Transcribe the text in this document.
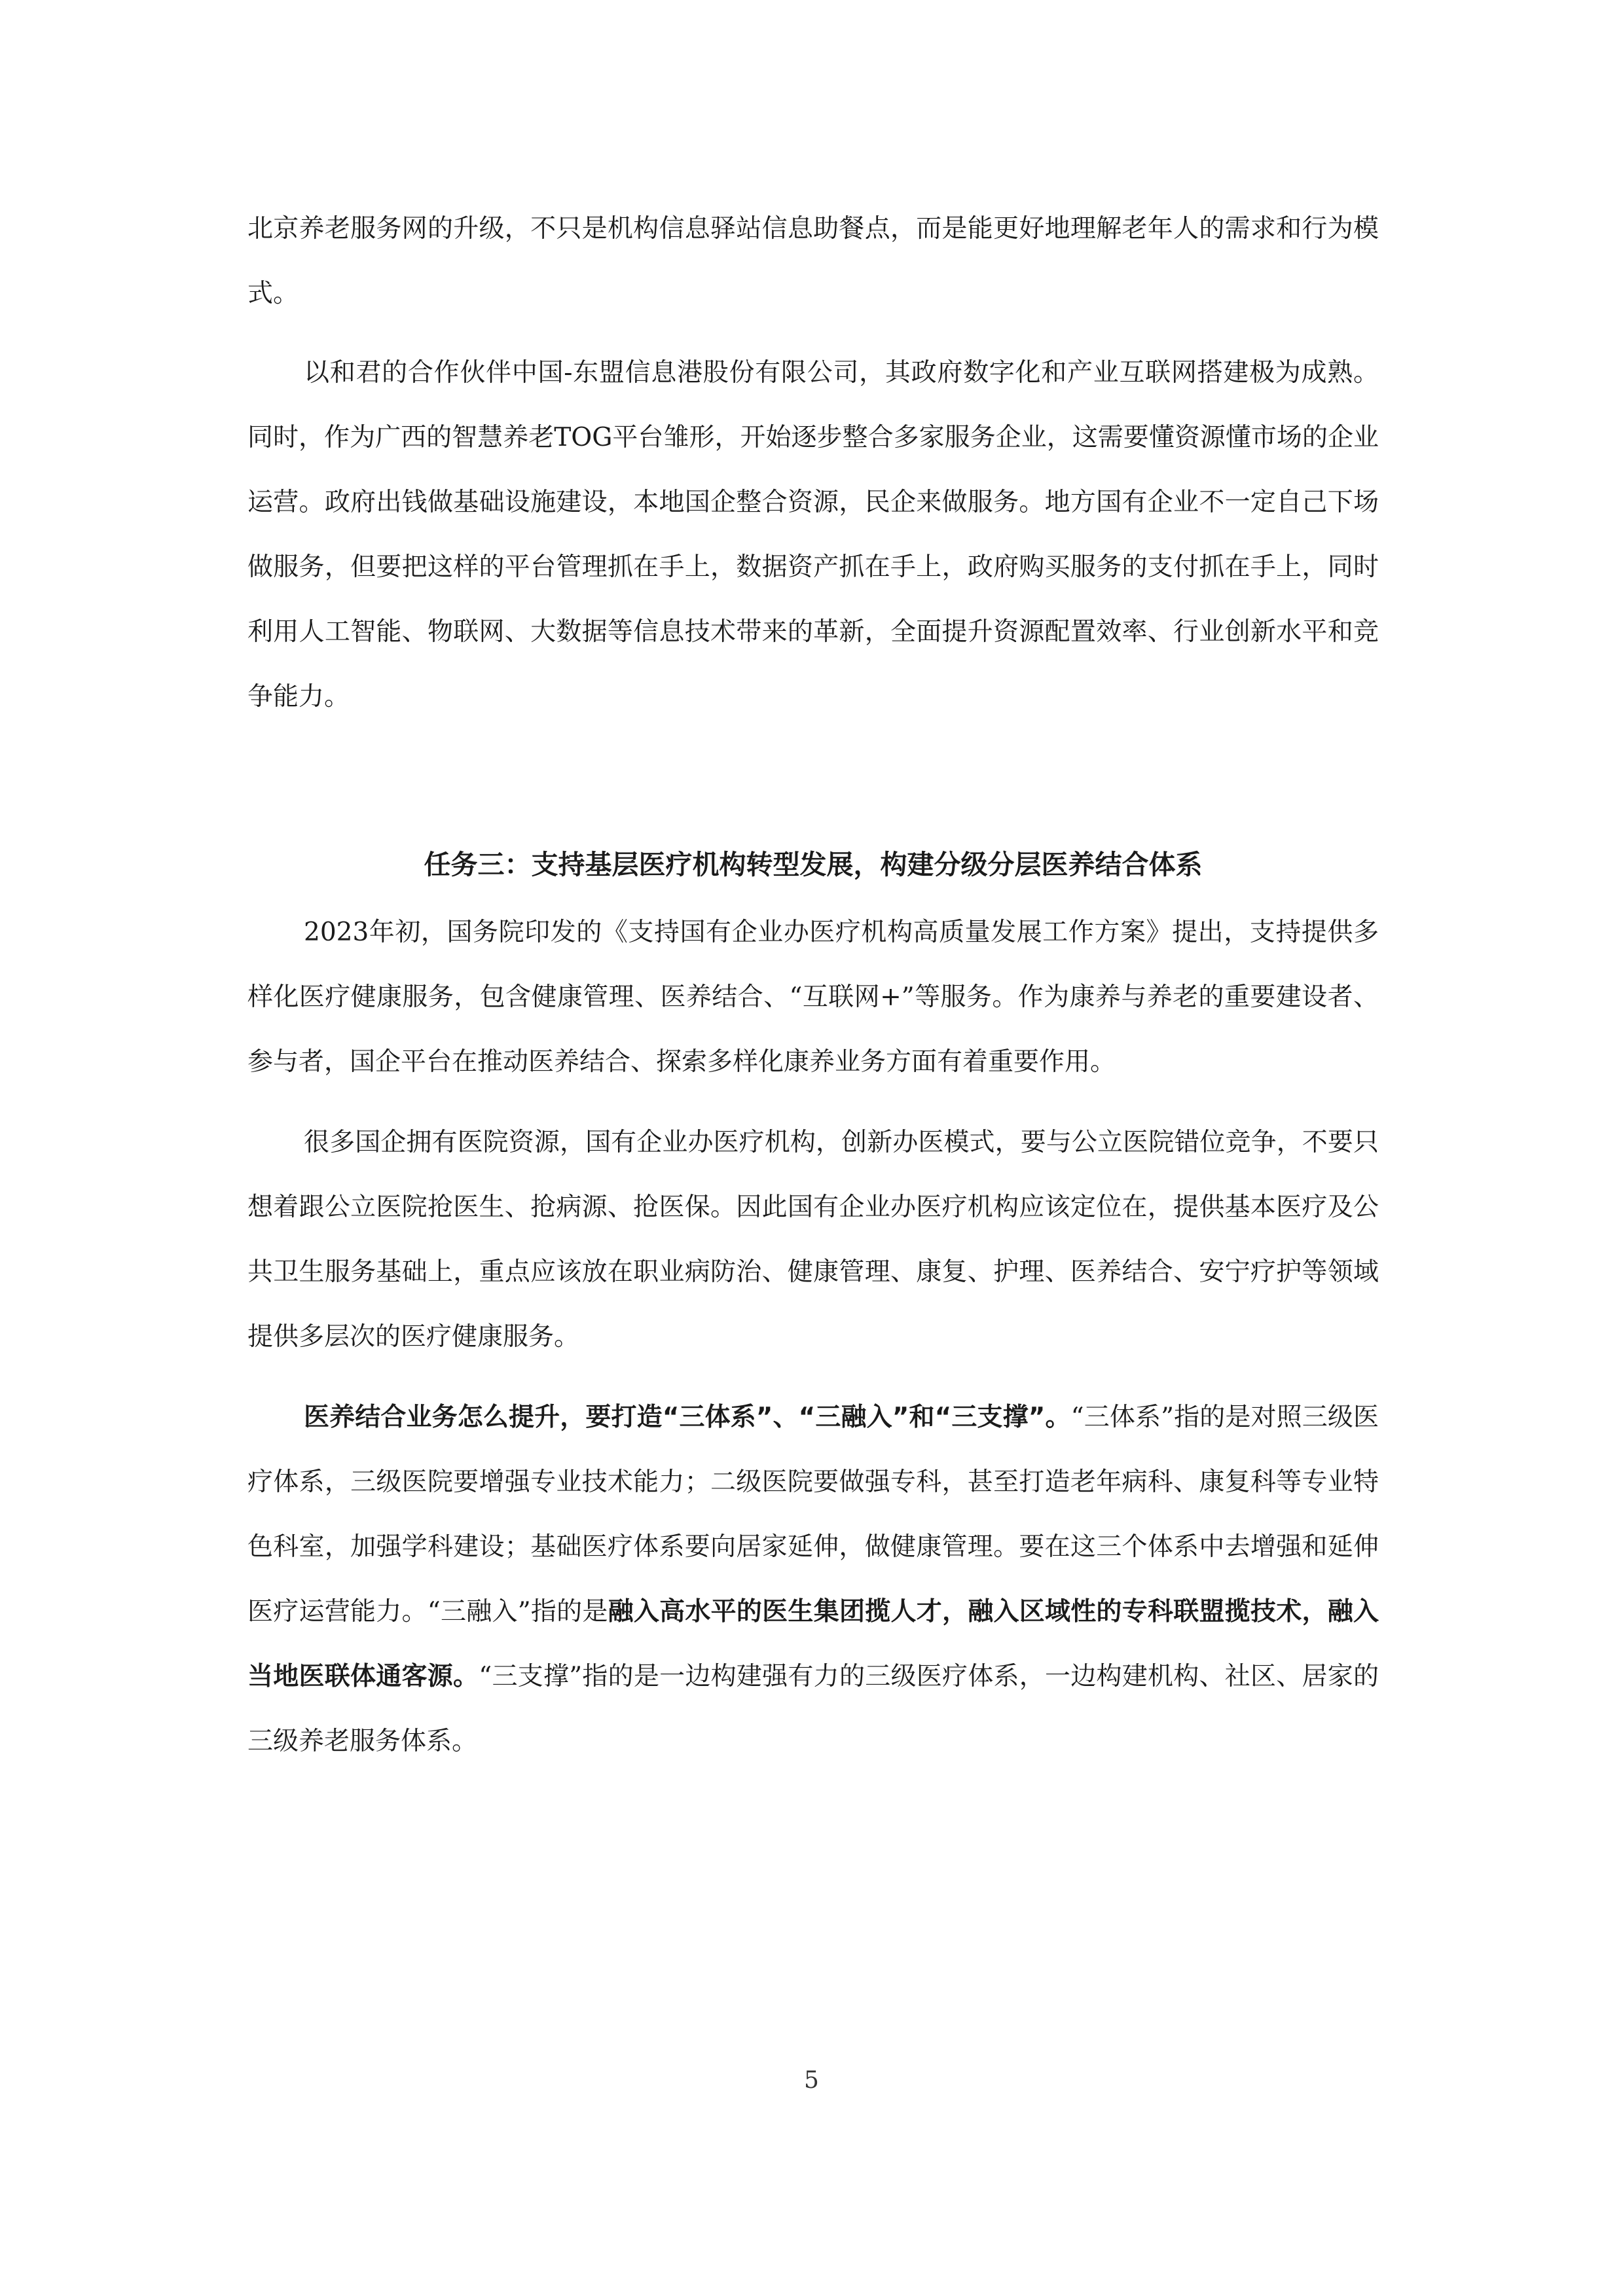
北京养老服务网的升级，不只是机构信息驿站信息助餐点，而是能更好地理解老年人的需求和行为模式。

以和君的合作伙伴中国-东盟信息港股份有限公司，其政府数字化和产业互联网搭建极为成熟。同时，作为广西的智慧养老TOG平台雏形，开始逐步整合多家服务企业，这需要懂资源懂市场的企业运营。政府出钱做基础设施建设，本地国企整合资源，民企来做服务。地方国有企业不一定自己下场做服务，但要把这样的平台管理抓在手上，数据资产抓在手上，政府购买服务的支付抓在手上，同时利用人工智能、物联网、大数据等信息技术带来的革新，全面提升资源配置效率、行业创新水平和竞争能力。

任务三：支持基层医疗机构转型发展，构建分级分层医养结合体系

2023年初，国务院印发的《支持国有企业办医疗机构高质量发展工作方案》提出，支持提供多样化医疗健康服务，包含健康管理、医养结合、“互联网+”等服务。作为康养与养老的重要建设者、参与者，国企平台在推动医养结合、探索多样化康养业务方面有着重要作用。

很多国企拥有医院资源，国有企业办医疗机构，创新办医模式，要与公立医院错位竞争，不要只想着跟公立医院抢医生、抢病源、抢医保。因此国有企业办医疗机构应该定位在，提供基本医疗及公共卫生服务基础上，重点应该放在职业病防治、健康管理、康复、护理、医养结合、安宁疗护等领域提供多层次的医疗健康服务。

医养结合业务怎么提升，要打造“三体系”、“三融入”和“三支撑”。“三体系”指的是对照三级医疗体系，三级医院要增强专业技术能力；二级医院要做强专科，甚至打造老年病科、康复科等专业特色科室，加强学科建设；基础医疗体系要向居家延伸，做健康管理。要在这三个体系中去增强和延伸医疗运营能力。“三融入”指的是融入高水平的医生集团揽人才，融入区域性的专科联盟揽技术，融入当地医联体通客源。“三支撑”指的是一边构建强有力的三级医疗体系，一边构建机构、社区、居家的三级养老服务体系。

5
